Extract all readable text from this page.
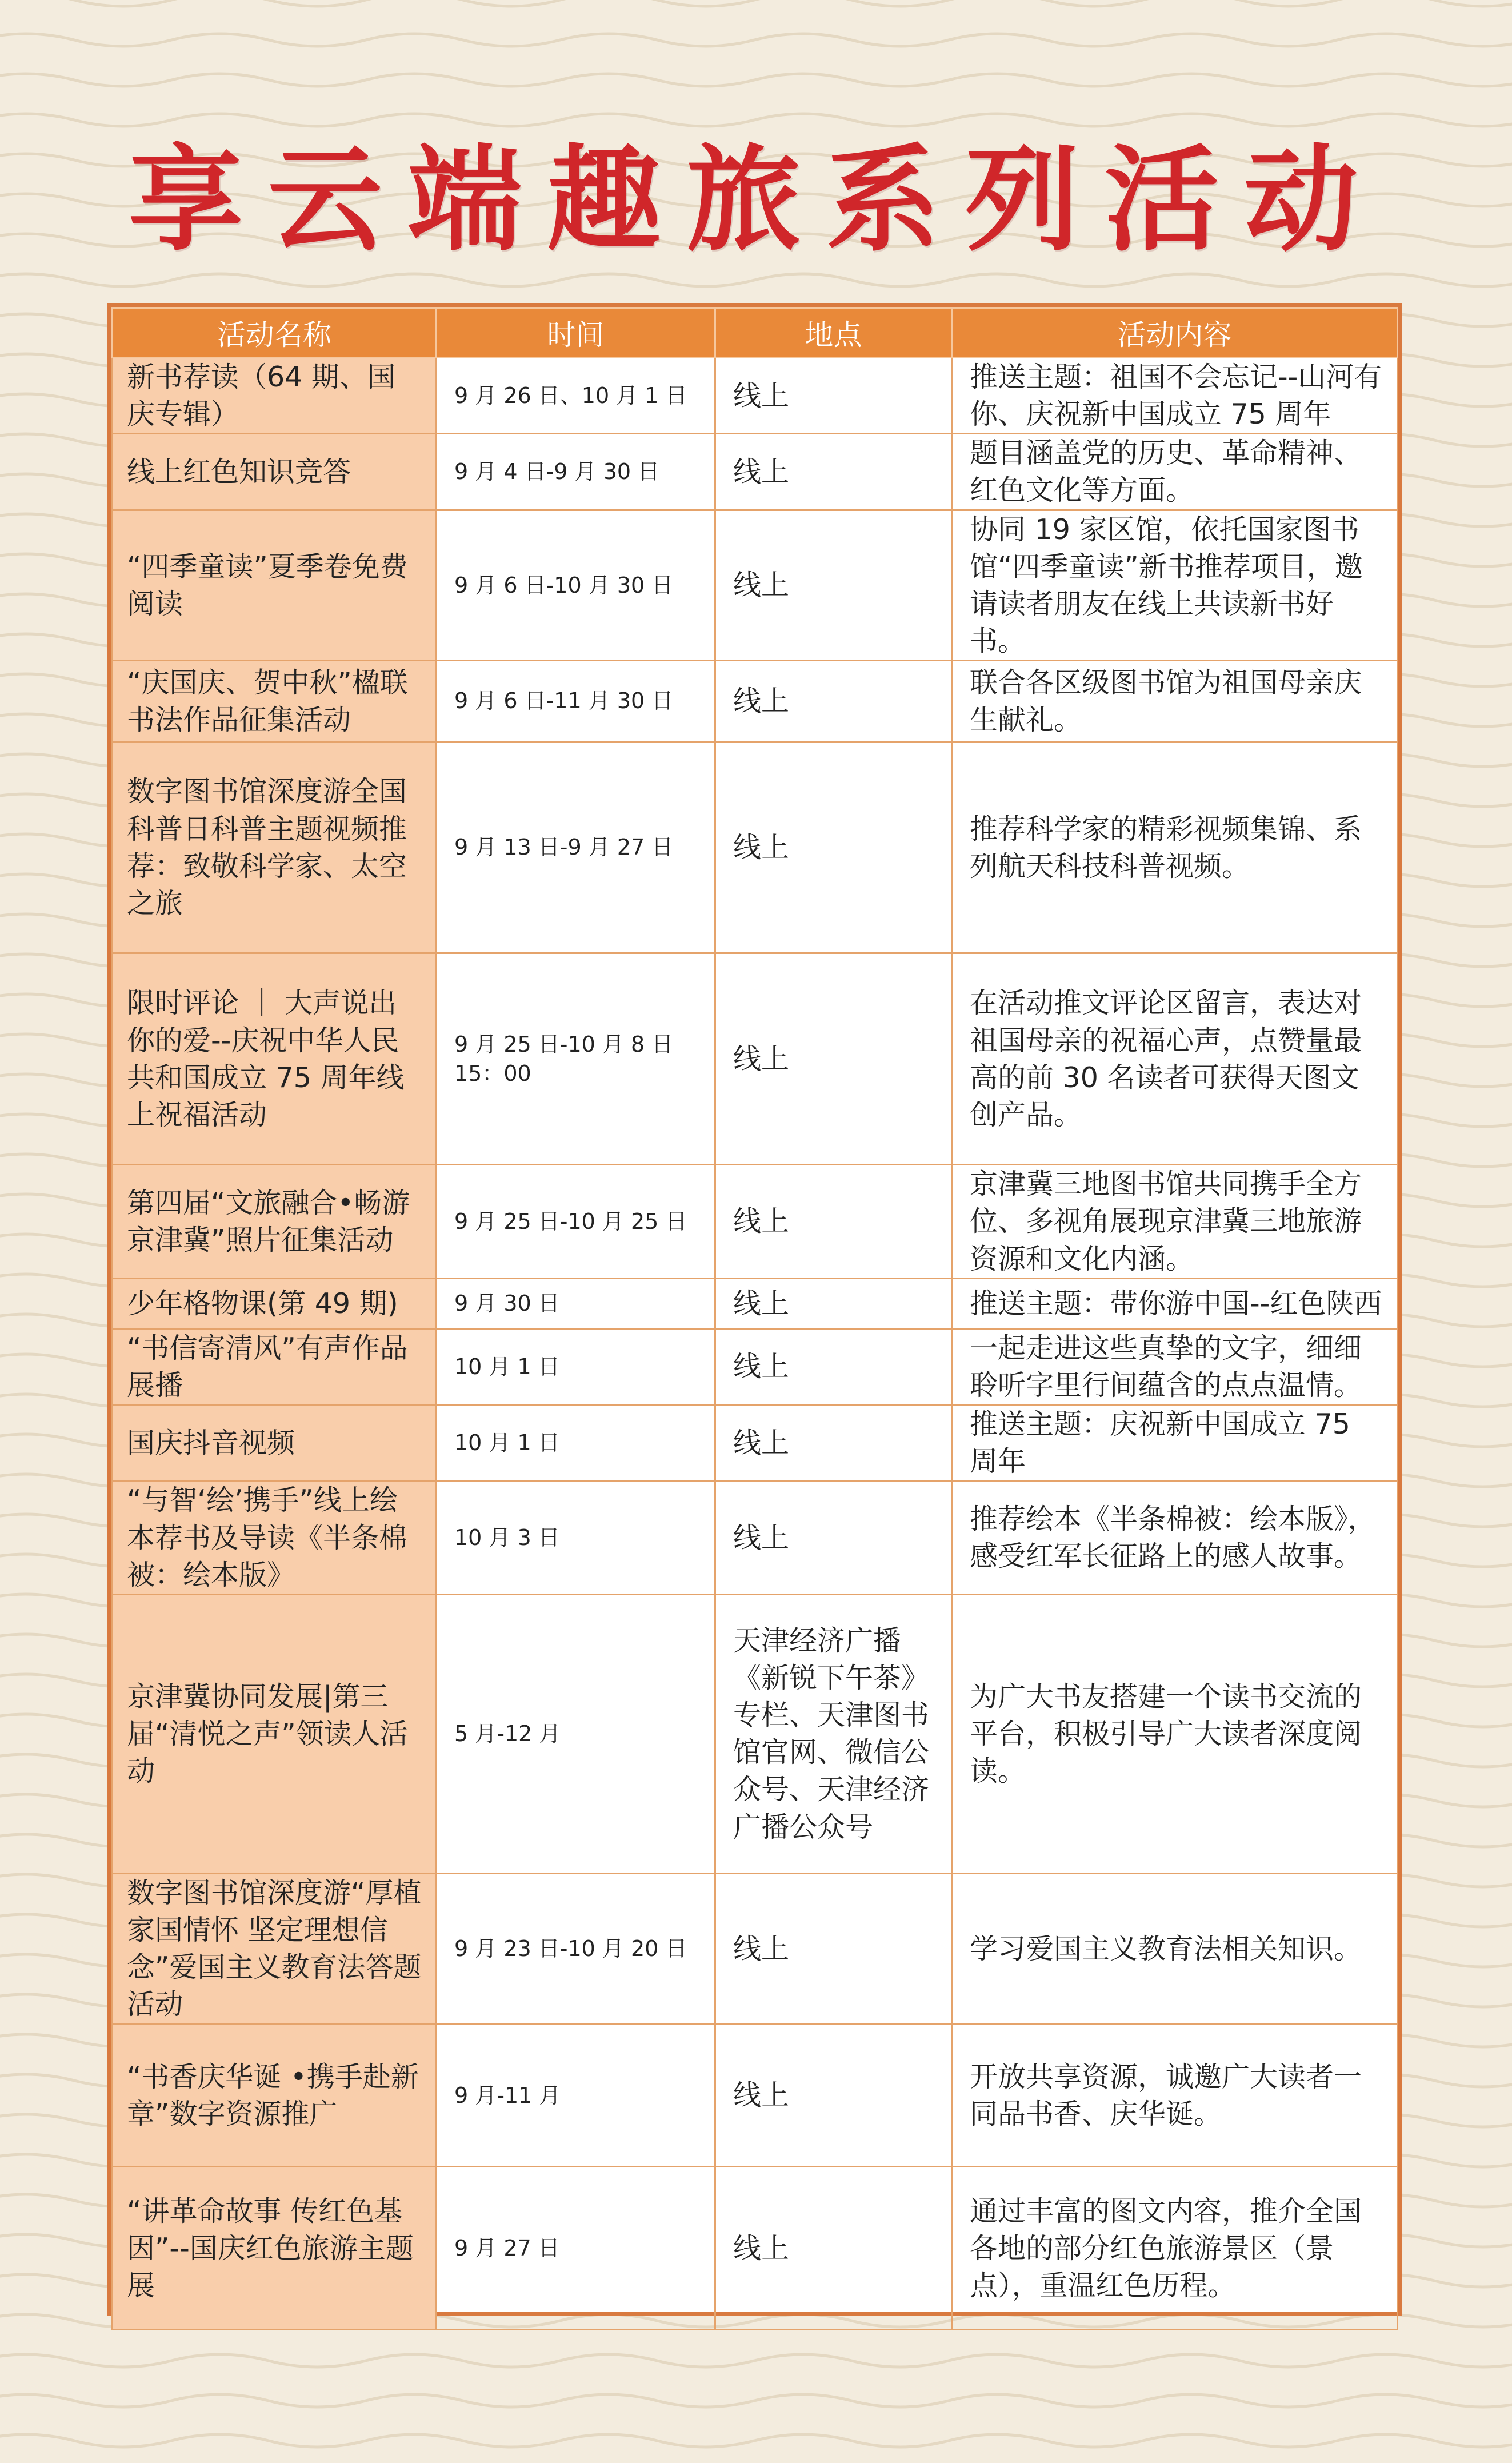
享云端趣旅系列活动
活动名称	时间	地点	活动内容
新书荐读（64 期、国庆专辑）	9 月 26 日、10 月 1 日	线上	推送主题：祖国不会忘记--山河有你、庆祝新中国成立 75 周年
线上红色知识竞答	9 月 4 日-9 月 30 日	线上	题目涵盖党的历史、革命精神、红色文化等方面。
“四季童读”夏季卷免费阅读	9 月 6 日-10 月 30 日	线上	协同 19 家区馆，依托国家图书馆“四季童读”新书推荐项目，邀请读者朋友在线上共读新书好书。
“庆国庆、贺中秋”楹联书法作品征集活动	9 月 6 日-11 月 30 日	线上	联合各区级图书馆为祖国母亲庆生献礼。
数字图书馆深度游全国科普日科普主题视频推荐：致敬科学家、太空之旅	9 月 13 日-9 月 27 日	线上	推荐科学家的精彩视频集锦、系列航天科技科普视频。
限时评论 ｜ 大声说出你的爱--庆祝中华人民共和国成立 75 周年线上祝福活动	9 月 25 日-10 月 8 日 15：00	线上	在活动推文评论区留言，表达对祖国母亲的祝福心声，点赞量最高的前 30 名读者可获得天图文创产品。
第四届“文旅融合•畅游京津冀”照片征集活动	9 月 25 日-10 月 25 日	线上	京津冀三地图书馆共同携手全方位、多视角展现京津冀三地旅游资源和文化内涵。
少年格物课(第 49 期)	9 月 30 日	线上	推送主题：带你游中国--红色陕西
“书信寄清风”有声作品展播	10 月 1 日	线上	一起走进这些真挚的文字，细细聆听字里行间蕴含的点点温情。
国庆抖音视频	10 月 1 日	线上	推送主题：庆祝新中国成立 75 周年
“与智‘绘’携手”线上绘本荐书及导读《半条棉被：绘本版》	10 月 3 日	线上	推荐绘本《半条棉被：绘本版》，感受红军长征路上的感人故事。
京津冀协同发展|第三届“清悦之声”领读人活动	5 月-12 月	天津经济广播《新锐下午茶》专栏、天津图书馆官网、微信公众号、天津经济广播公众号	为广大书友搭建一个读书交流的平台，积极引导广大读者深度阅读。
数字图书馆深度游“厚植家国情怀 坚定理想信念”爱国主义教育法答题活动	9 月 23 日-10 月 20 日	线上	学习爱国主义教育法相关知识。
“书香庆华诞 •携手赴新章”数字资源推广	9 月-11 月	线上	开放共享资源，诚邀广大读者一同品书香、庆华诞。
“讲革命故事 传红色基因”--国庆红色旅游主题展	9 月 27 日	线上	通过丰富的图文内容，推介全国各地的部分红色旅游景区（景点），重温红色历程。
